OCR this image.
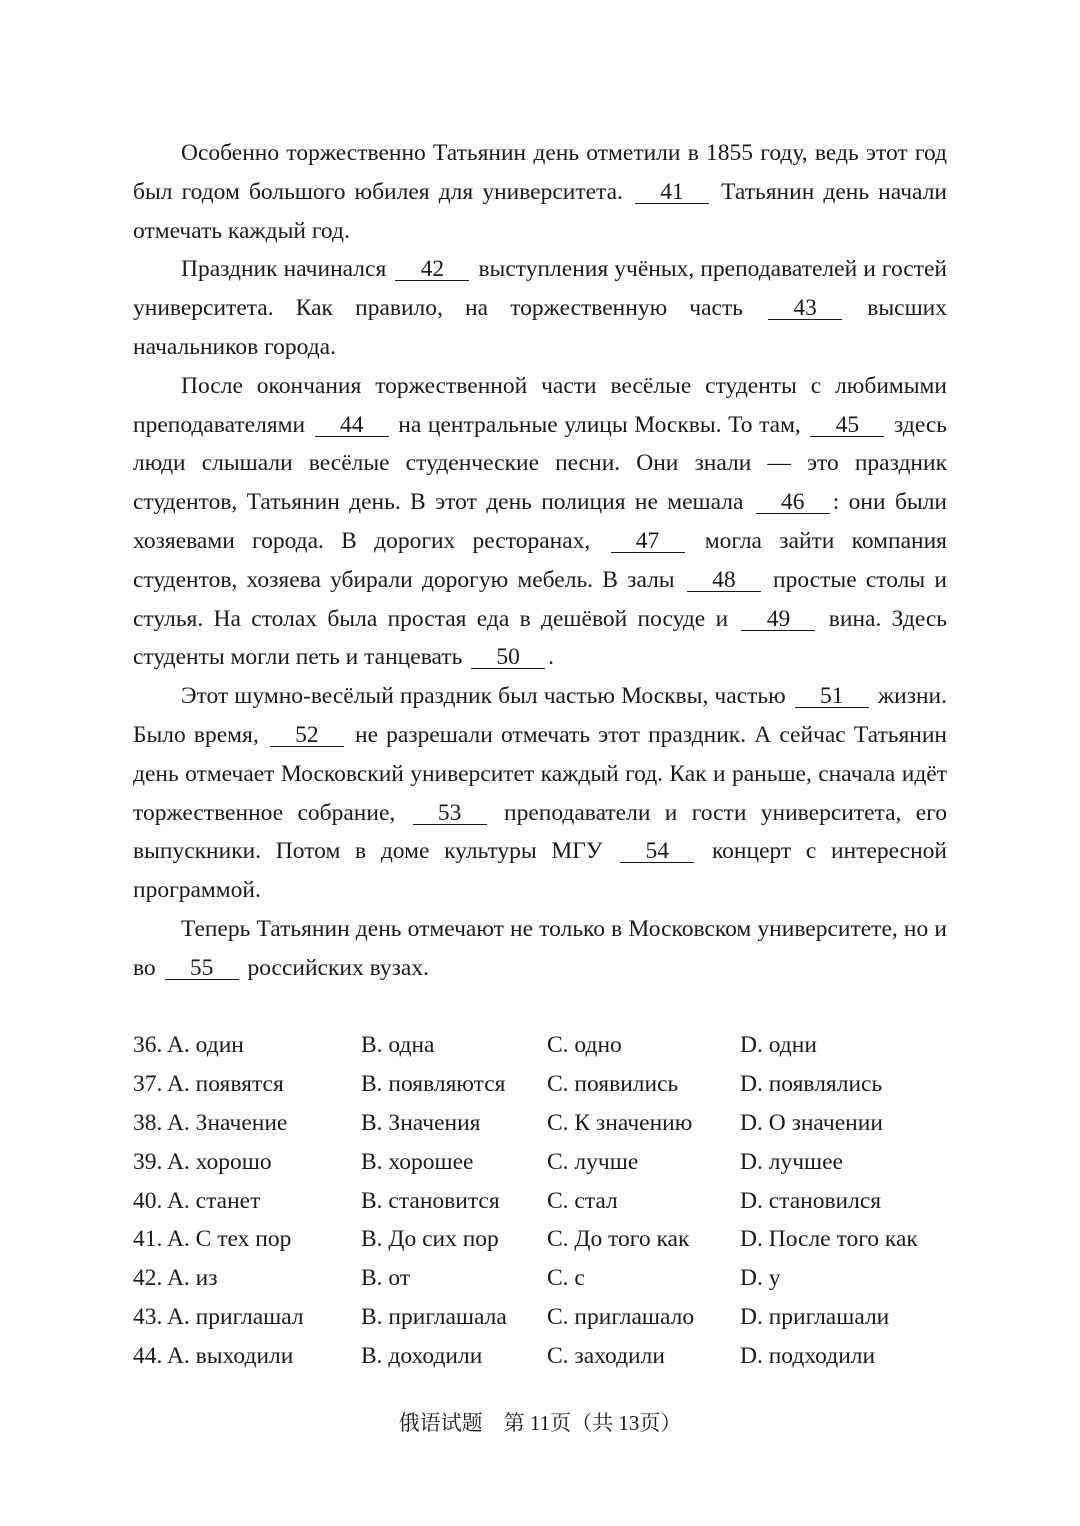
Особенно торжественно Татьянин день отметили в 1855 году, ведь этот год был годом большого юбилея для университета. 41 Татьянин день начали отмечать каждый год.

Праздник начинался 42 выступления учёных, преподавателей и гостей университета. Как правило, на торжественную часть 43 высших начальников города.

После окончания торжественной части весёлые студенты с любимыми преподавателями 44 на центральные улицы Москвы. То там, 45 здесь люди слышали весёлые студенческие песни. Они знали — это праздник студентов, Татьянин день. В этот день полиция не мешала 46 : они были хозяевами города. В дорогих ресторанах, 47 могла зайти компания студентов, хозяева убирали дорогую мебель. В залы 48 простые столы и стулья. На столах была простая еда в дешёвой посуде и 49 вина. Здесь студенты могли петь и танцевать 50 .

Этот шумно-весёлый праздник был частью Москвы, частью 51 жизни. Было время, 52 не разрешали отмечать этот праздник. А сейчас Татьянин день отмечает Московский университет каждый год. Как и раньше, сначала идёт торжественное собрание, 53 преподаватели и гости университета, его выпускники. Потом в доме культуры МГУ 54 концерт с интересной программой.

Теперь Татьянин день отмечают не только в Московском университете, но и во 55 российских вузах.

36. A. один	B. одна	C. одно	D. одни
37. A. появятся	B. появляются C. появились	D. появлялись
38. A. Значение	B. Значения	C. К значению D. О значении
39. A. хорошо	B. хорошее	C. лучше	D. лучшее
40. A. станет	B. становится C. стал	D. становился
41. A. С тех пор	B. До сих пор C. До того как D. После того как
42. A. из	B. от	C. с	D. у
43. A. приглашал B. приглашала C. приглашало D. приглашали
44. A. выходили	B. доходили	C. заходили	D. подходили
俄语试题　第 11页（共 13页）
